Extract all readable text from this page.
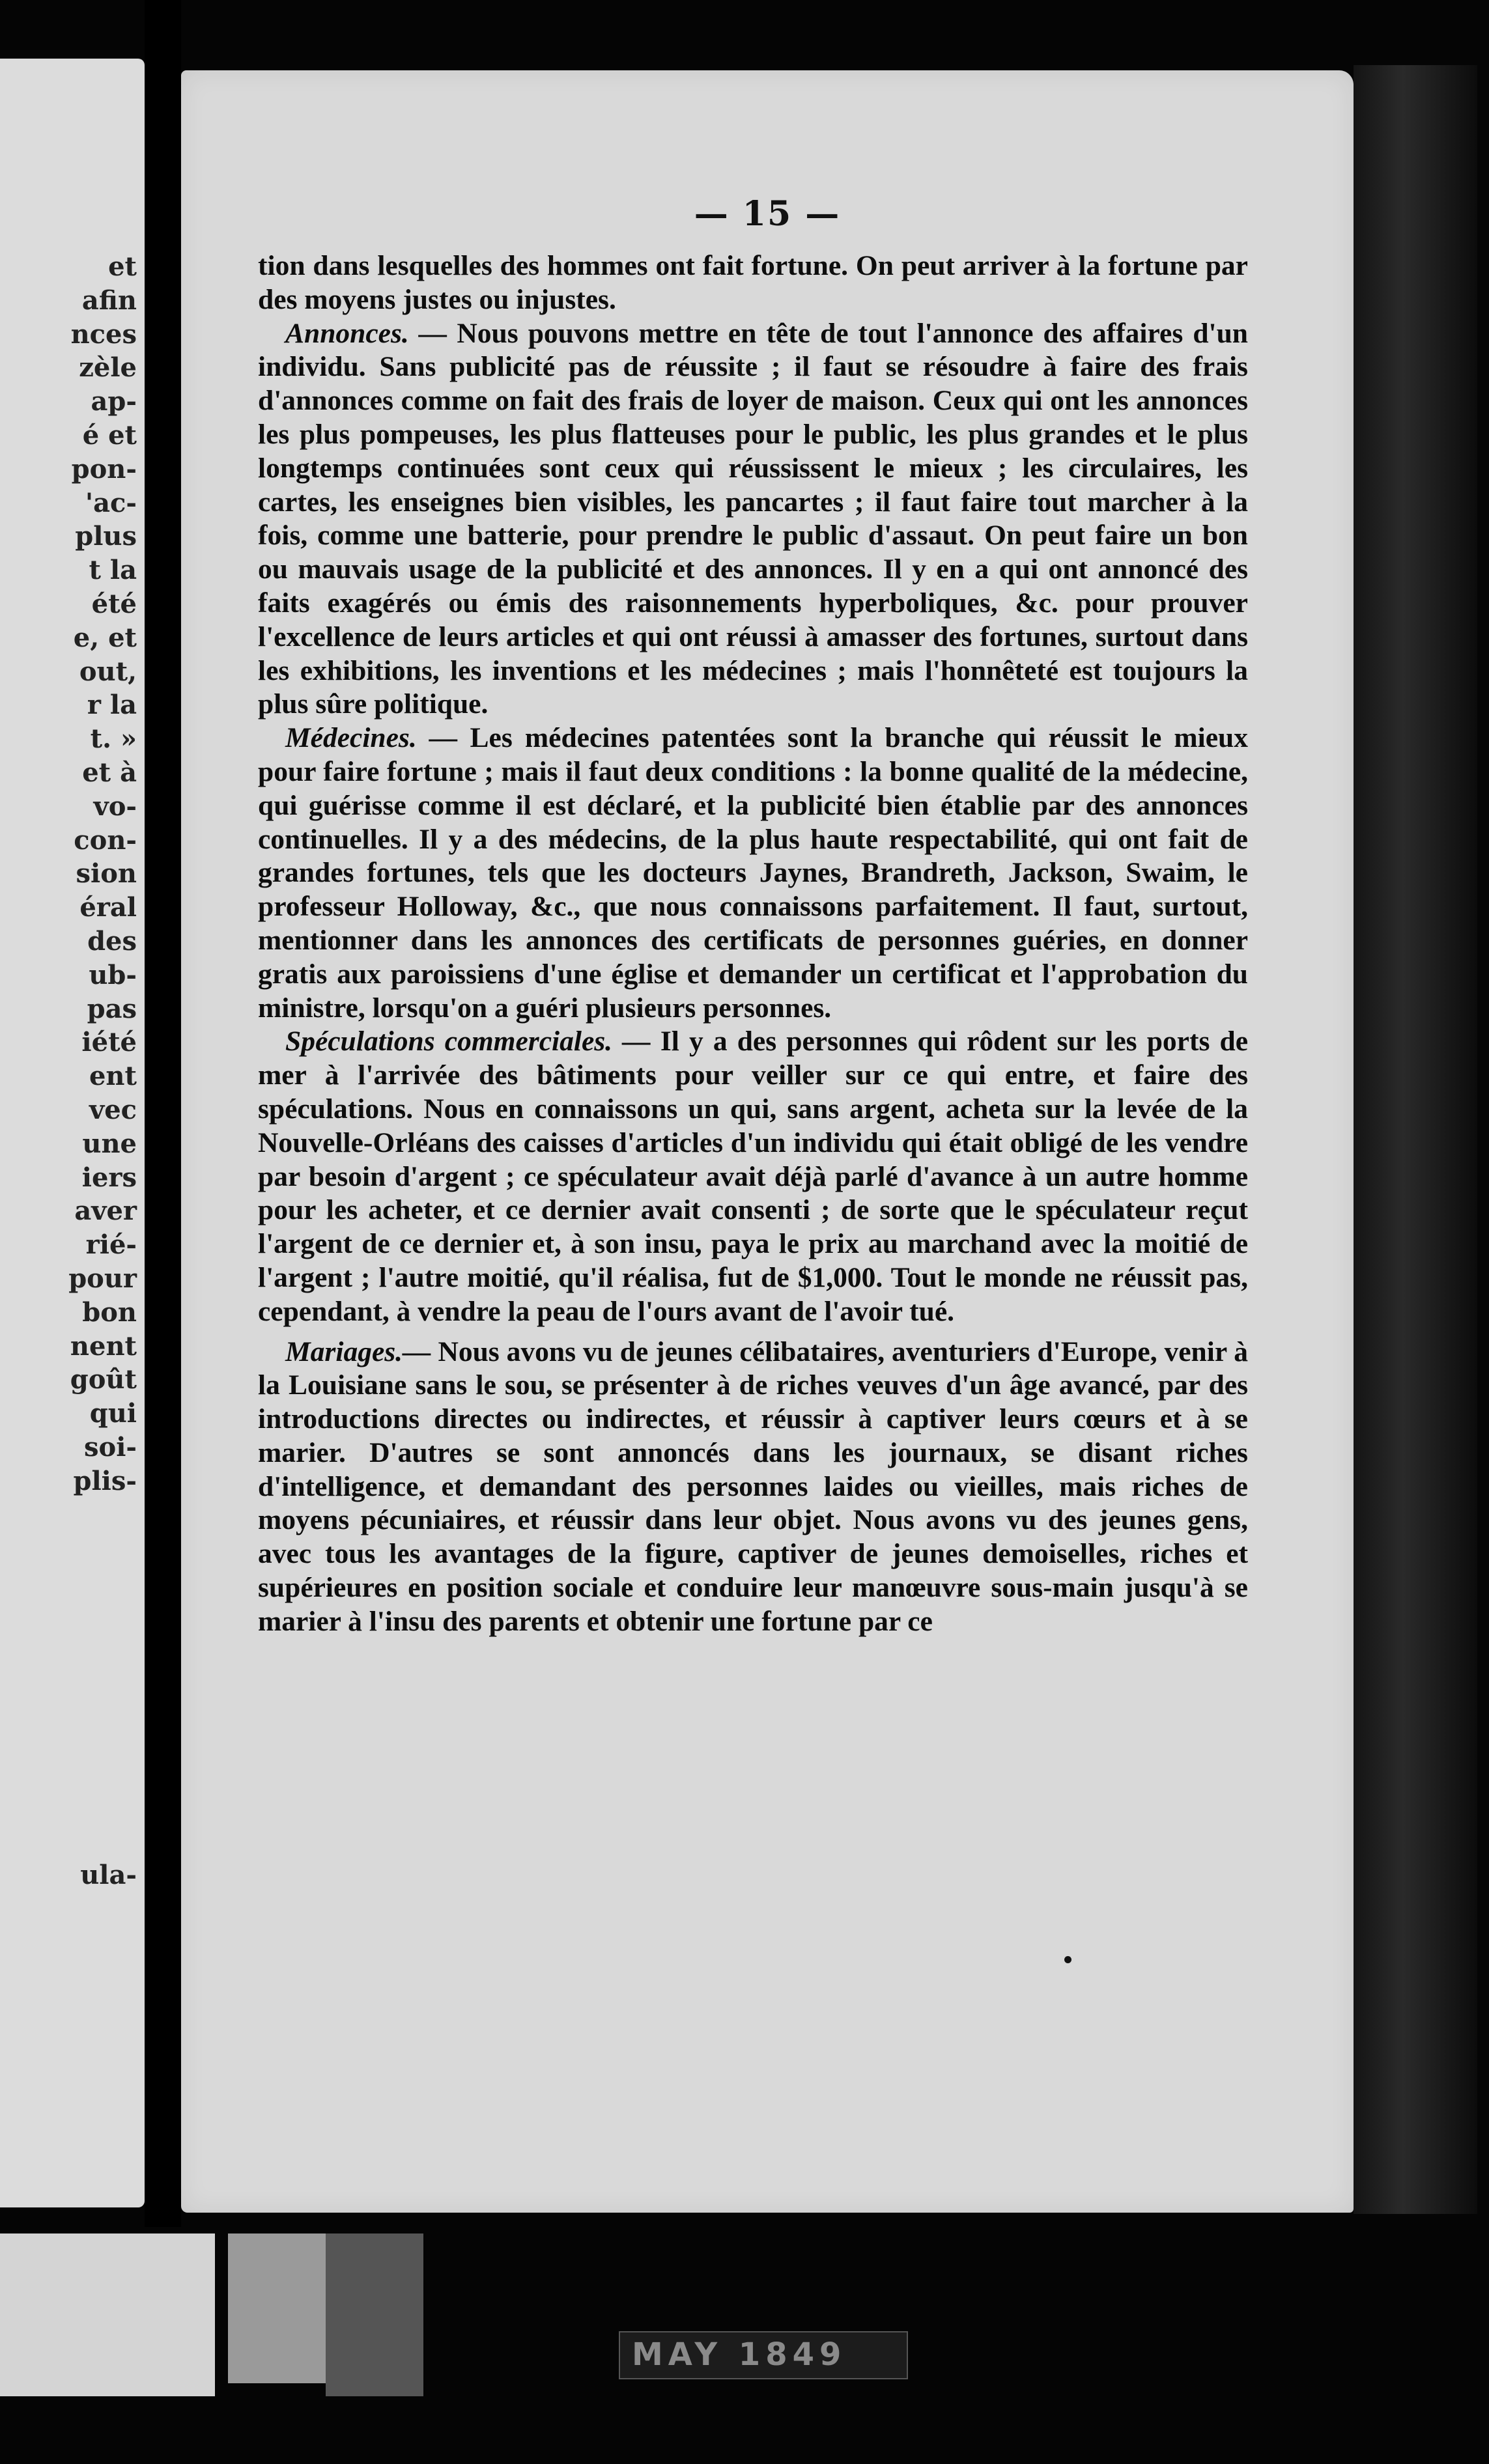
et
afin
nces
zèle
ap-
é et
pon-
'ac-
plus
t la
été
e, et
out,
r la
t. »
et à
vo-
con-
sion
éral
des
ub-
pas
iété
ent
vec
une
iers
aver
rié-
pour
bon
nent
goût
qui
soi-
plis-
ula-
— 15 —

tion dans lesquelles des hommes ont fait fortune. On peut arriver à la fortune par des moyens justes ou injustes.

Annonces. — Nous pouvons mettre en tête de tout l'annonce des affaires d'un individu. Sans publicité pas de réussite ; il faut se résoudre à faire des frais d'annonces comme on fait des frais de loyer de maison. Ceux qui ont les annonces les plus pompeuses, les plus flatteuses pour le public, les plus grandes et le plus longtemps continuées sont ceux qui réussissent le mieux ; les circulaires, les cartes, les enseignes bien visibles, les pancartes ; il faut faire tout marcher à la fois, comme une batterie, pour prendre le public d'assaut. On peut faire un bon ou mauvais usage de la publicité et des annonces. Il y en a qui ont annoncé des faits exagérés ou émis des raisonnements hyperboliques, &c. pour prouver l'excellence de leurs articles et qui ont réussi à amasser des fortunes, surtout dans les exhibitions, les inventions et les médecines ; mais l'honnêteté est toujours la plus sûre politique.

Médecines. — Les médecines patentées sont la branche qui réussit le mieux pour faire fortune ; mais il faut deux conditions : la bonne qualité de la médecine, qui guérisse comme il est déclaré, et la publicité bien établie par des annonces continuelles. Il y a des médecins, de la plus haute respectabilité, qui ont fait de grandes fortunes, tels que les docteurs Jaynes, Brandreth, Jackson, Swaim, le professeur Holloway, &c., que nous connaissons parfaitement. Il faut, surtout, mentionner dans les annonces des certificats de personnes guéries, en donner gratis aux paroissiens d'une église et demander un certificat et l'approbation du ministre, lorsqu'on a guéri plusieurs personnes.

Spéculations commerciales. — Il y a des personnes qui rôdent sur les ports de mer à l'arrivée des bâtiments pour veiller sur ce qui entre, et faire des spéculations. Nous en connaissons un qui, sans argent, acheta sur la levée de la Nouvelle-Orléans des caisses d'articles d'un individu qui était obligé de les vendre par besoin d'argent ; ce spéculateur avait déjà parlé d'avance à un autre homme pour les acheter, et ce dernier avait consenti ; de sorte que le spéculateur reçut l'argent de ce dernier et, à son insu, paya le prix au marchand avec la moitié de l'argent ; l'autre moitié, qu'il réalisa, fut de $1,000. Tout le monde ne réussit pas, cependant, à vendre la peau de l'ours avant de l'avoir tué.

Mariages.— Nous avons vu de jeunes célibataires, aventuriers d'Europe, venir à la Louisiane sans le sou, se présenter à de riches veuves d'un âge avancé, par des introductions directes ou indirectes, et réussir à captiver leurs cœurs et à se marier. D'autres se sont annoncés dans les journaux, se disant riches d'intelligence, et demandant des personnes laides ou vieilles, mais riches de moyens pécuniaires, et réussir dans leur objet. Nous avons vu des jeunes gens, avec tous les avantages de la figure, captiver de jeunes demoiselles, riches et supérieures en position sociale et conduire leur manœuvre sous-main jusqu'à se marier à l'insu des parents et obtenir une fortune par ce

MAY 1849
